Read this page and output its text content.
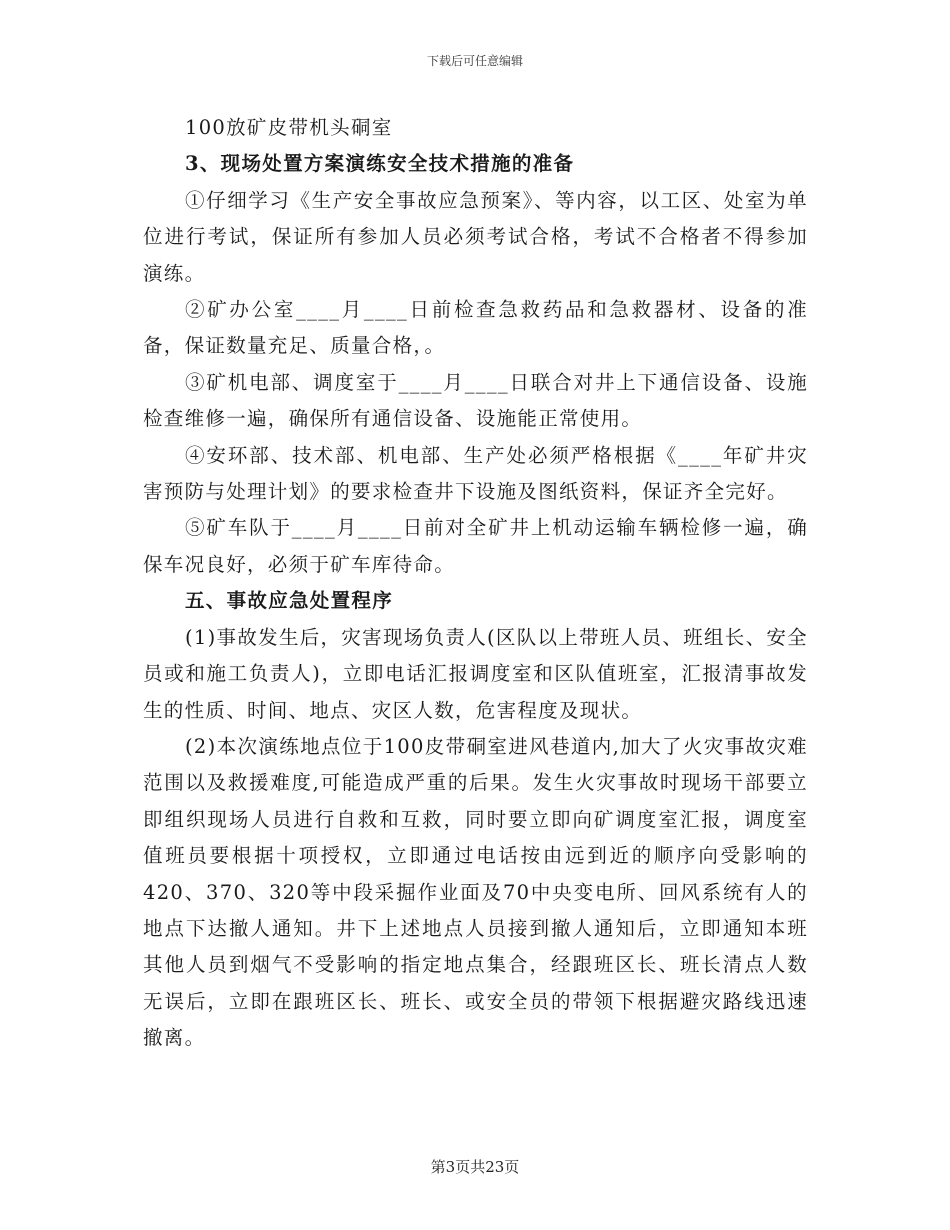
下载后可任意编辑

100放矿皮带机头硐室

3、现场处置方案演练安全技术措施的准备

①仔细学习《生产安全事故应急预案》、等内容，以工区、处室为单位进行考试，保证所有参加人员必须考试合格，考试不合格者不得参加演练。

②矿办公室____月____日前检查急救药品和急救器材、设备的准备，保证数量充足、质量合格，。

③矿机电部、调度室于____月____日联合对井上下通信设备、设施检查维修一遍，确保所有通信设备、设施能正常使用。

④安环部、技术部、机电部、生产处必须严格根据《____年矿井灾害预防与处理计划》的要求检查井下设施及图纸资料，保证齐全完好。

⑤矿车队于____月____日前对全矿井上机动运输车辆检修一遍，确保车况良好，必须于矿车库待命。

五、事故应急处置程序

(1)事故发生后，灾害现场负责人(区队以上带班人员、班组长、安全员或和施工负责人)，立即电话汇报调度室和区队值班室，汇报清事故发生的性质、时间、地点、灾区人数，危害程度及现状。

(2)本次演练地点位于100皮带硐室进风巷道内,加大了火灾事故灾难范围以及救援难度,可能造成严重的后果。发生火灾事故时现场干部要立即组织现场人员进行自救和互救，同时要立即向矿调度室汇报，调度室值班员要根据十项授权，立即通过电话按由远到近的顺序向受影响的420、370、320等中段采掘作业面及70中央变电所、回风系统有人的地点下达撤人通知。井下上述地点人员接到撤人通知后，立即通知本班其他人员到烟气不受影响的指定地点集合，经跟班区长、班长清点人数无误后，立即在跟班区长、班长、或安全员的带领下根据避灾路线迅速撤离。

第3页共23页
